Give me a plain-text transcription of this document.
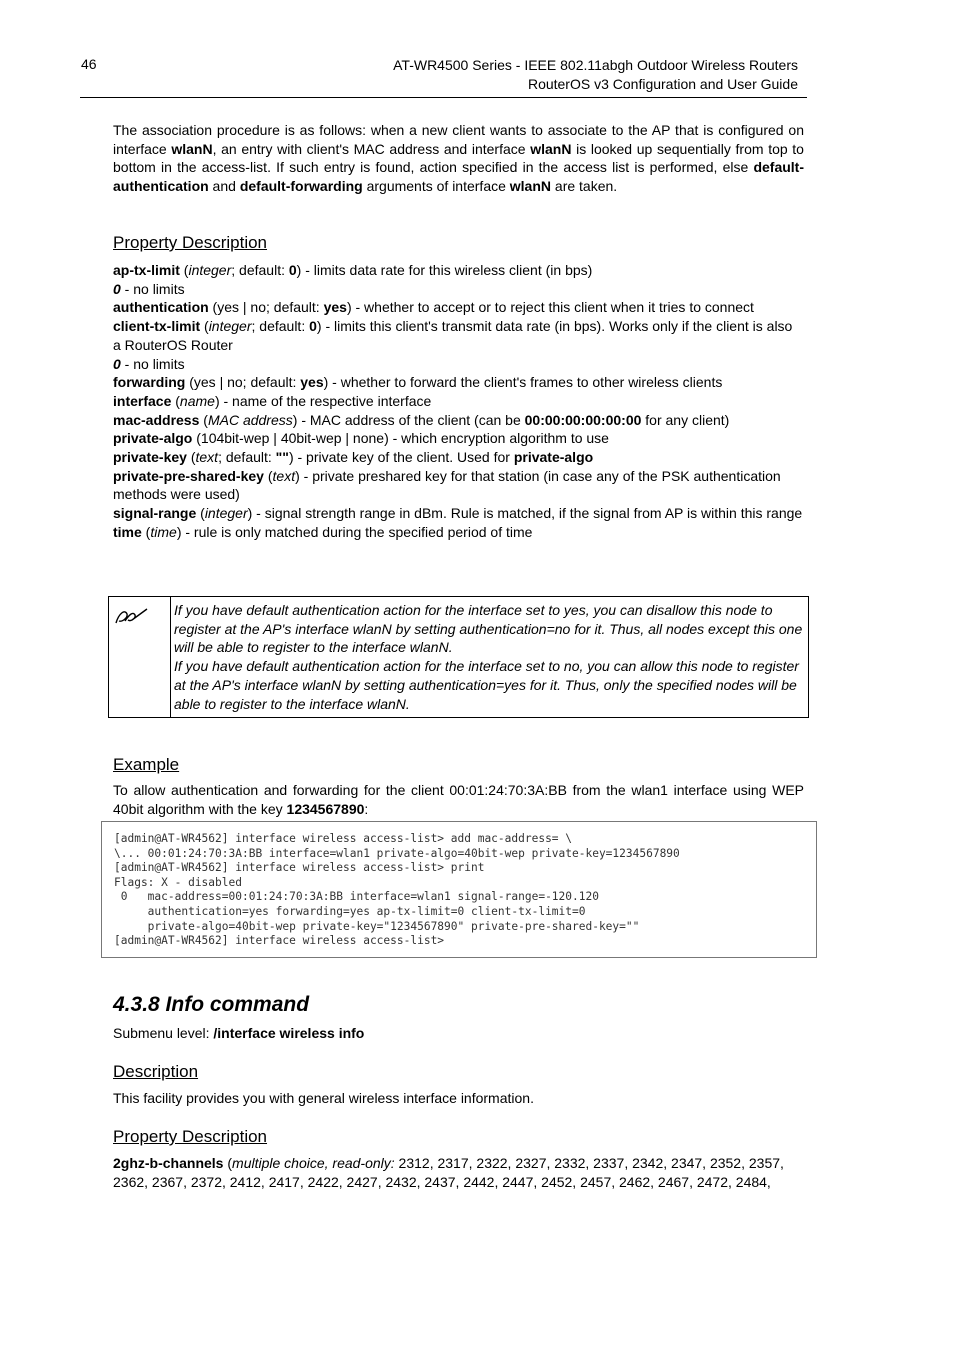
46	AT-WR4500 Series - IEEE 802.11abgh Outdoor Wireless Routers
RouterOS v3 Configuration and User Guide
The association procedure is as follows: when a new client wants to associate to the AP that is configured on interface wlanN, an entry with client's MAC address and interface wlanN is looked up sequentially from top to bottom in the access-list. If such entry is found, action specified in the access list is performed, else default-authentication and default-forwarding arguments of interface wlanN are taken.
Property Description

ap-tx-limit (integer; default: 0) - limits data rate for this wireless client (in bps)

0 - no limits

authentication (yes | no; default: yes) - whether to accept or to reject this client when it tries to connect

client-tx-limit (integer; default: 0) - limits this client's transmit data rate (in bps). Works only if the client is also a RouterOS Router

0 - no limits

forwarding (yes | no; default: yes) - whether to forward the client's frames to other wireless clients

interface (name) - name of the respective interface

mac-address (MAC address) - MAC address of the client (can be 00:00:00:00:00:00 for any client)

private-algo (104bit-wep | 40bit-wep | none) - which encryption algorithm to use

private-key (text; default: "") - private key of the client. Used for private-algo

private-pre-shared-key (text) - private preshared key for that station (in case any of the PSK authentication methods were used)

signal-range (integer) - signal strength range in dBm. Rule is matched, if the signal from AP is within this range

time (time) - rule is only matched during the specified period of time

If you have default authentication action for the interface set to yes, you can disallow this node to register at the AP's interface wlanN by setting authentication=no for it. Thus, all nodes except this one will be able to register to the interface wlanN.

If you have default authentication action for the interface set to no, you can allow this node to register at the AP's interface wlanN by setting authentication=yes for it. Thus, only the specified nodes will be able to register to the interface wlanN.

Example
To allow authentication and forwarding for the client 00:01:24:70:3A:BB from the wlan1 interface using WEP 40bit algorithm with the key 1234567890:
[admin@AT-WR4562] interface wireless access-list> add mac-address= \
\... 00:01:24:70:3A:BB interface=wlan1 private-algo=40bit-wep private-key=1234567890
[admin@AT-WR4562] interface wireless access-list> print
Flags: X - disabled
0   mac-address=00:01:24:70:3A:BB interface=wlan1 signal-range=-120.120
authentication=yes forwarding=yes ap-tx-limit=0 client-tx-limit=0
private-algo=40bit-wep private-key="1234567890" private-pre-shared-key=""
[admin@AT-WR4562] interface wireless access-list>
4.3.8 Info command
Submenu level: /interface wireless info
Description
This facility provides you with general wireless interface information.
Property Description
2ghz-b-channels (multiple choice, read-only: 2312, 2317, 2322, 2327, 2332, 2337, 2342, 2347, 2352, 2357, 2362, 2367, 2372, 2412, 2417, 2422, 2427, 2432, 2437, 2442, 2447, 2452, 2457, 2462, 2467, 2472, 2484,
